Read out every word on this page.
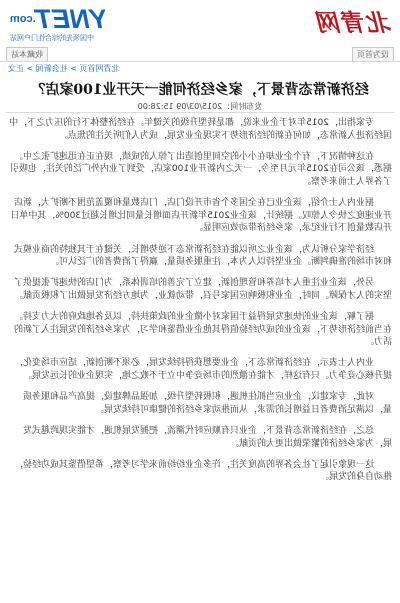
北青网
$YNET^{.com}$
中国领先的综合性门户网站
设为首页
收藏本站
北青网首页 > 社会新闻 > 正文
经济新常态背景下，家乡经济何能一天开业100家店？
发布时间：2015/03/09 15:28:00

专家指出，2015年对于企业来说，都是转型升级的关键年。在经济整体下行的压力之下，中国经济进入新常态，如何在新的经济形势下实现企业发展，成为人们所关注的焦点。

在这种情况下，有个企业却在小小的空间里创造出了惊人的成绩，现在正在迅速扩张之中。据悉，该公司在2015年元月至今，一天之内新开业100家店，受到了业内外广泛的关注，也吸引了各界人士前来考察。

据业内人士介绍，该企业已在全国多个省市开设门店，门店数量和覆盖范围不断扩大，新店开业速度之快令人惊叹。据统计，该企业2015年新开店面增长量同比增长超过300%，其中单日开店数量创下行业纪录，家乡经济带动效应明显。

经济学家分析认为，该企业之所以能在经济新常态下逆势增长，关键在于其独特的商业模式和对市场的准确判断。企业坚持以人为本，注重服务质量，赢得了消费者的广泛认可。

另外，该企业注重人才培养和管理创新，建立了完善的培训体系，为门店的快速扩张提供了坚实的人才保障。同时，企业积极响应国家号召，带动就业，为地方经济发展做出了积极贡献。

据了解，该企业的快速发展得益于国家对小微企业的政策扶持，以及各地政府的大力支持。在当前经济形势下，该企业的成功经验值得其他企业借鉴和学习，为家乡经济的发展注入了新的活力。

业内人士表示，在经济新常态下，企业要想获得持续发展，必须不断创新，适应市场变化，提升核心竞争力。只有这样，才能在激烈的市场竞争中立于不败之地，实现企业的长远发展。

对此，专家建议，企业应当抓住机遇，积极转型升级，加强品牌建设，提高产品和服务质量，以满足消费者日益增长的需求，从而推动家乡经济的健康可持续发展。

总之，在经济新常态背景下，企业只有顺应时代潮流，把握发展机遇，才能实现跨越式发展，为家乡经济的繁荣做出更大的贡献。

这一现象引起了社会各界的高度关注，许多企业纷纷前来学习考察，希望借鉴其成功经验，推动自身的发展。
